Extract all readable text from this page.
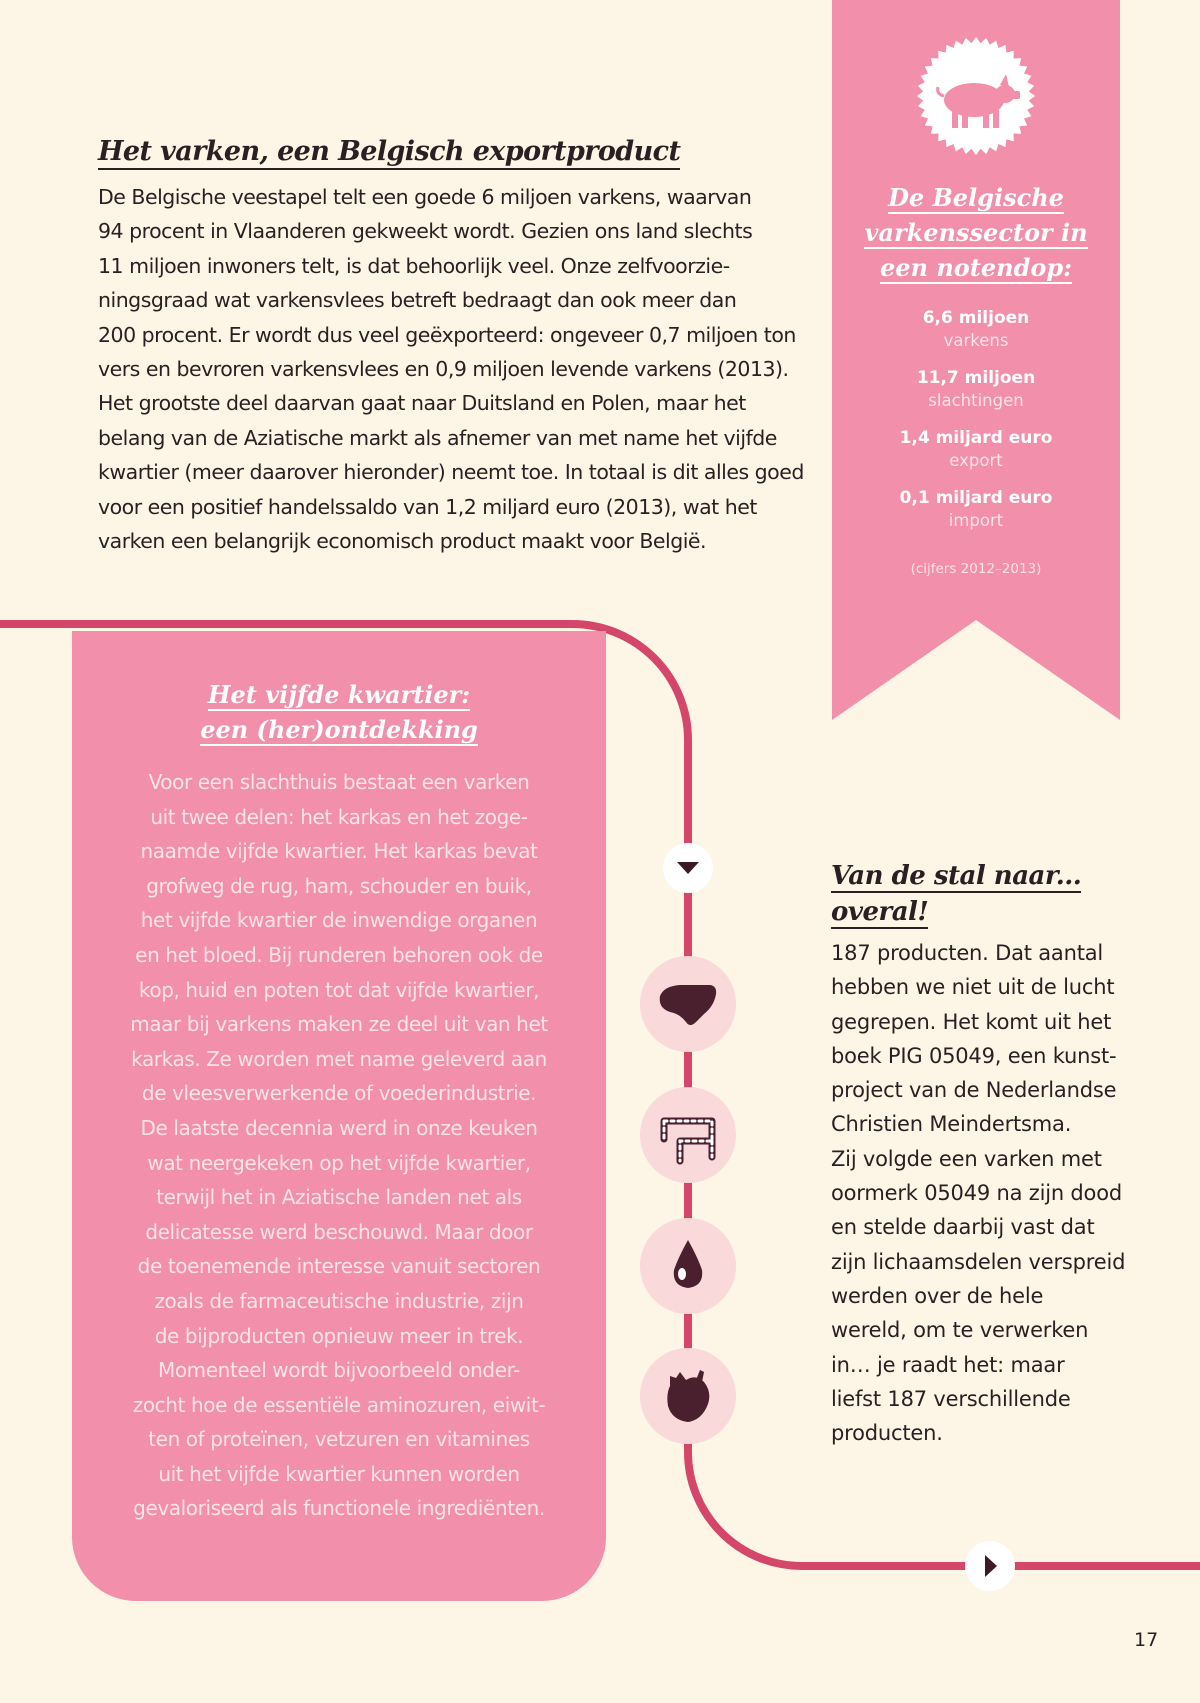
De Belgische
varkenssector in
een notendop:
6,6 miljoen
varkens
11,7 miljoen
slachtingen
1,4 miljard euro
export
0,1 miljard euro
import
(cijfers 2012–2013)
Het varken, een Belgisch exportproduct
De Belgische veestapel telt een goede 6 miljoen varkens, waarvan
94 procent in Vlaanderen gekweekt wordt. Gezien ons land slechts
11 miljoen inwoners telt, is dat behoorlijk veel. Onze zelfvoorzie-
ningsgraad wat varkensvlees betreft bedraagt dan ook meer dan
200 procent. Er wordt dus veel geëxporteerd: ongeveer 0,7 miljoen ton
vers en bevroren varkensvlees en 0,9 miljoen levende varkens (2013).
Het grootste deel daarvan gaat naar Duitsland en Polen, maar het
belang van de Aziatische markt als afnemer van met name het vijfde
kwartier (meer daarover hieronder) neemt toe. In totaal is dit alles goed
voor een positief handelssaldo van 1,2 miljard euro (2013), wat het
varken een belangrijk economisch product maakt voor België.
Het vijfde kwartier:
een (her)ontdekking
Voor een slachthuis bestaat een varken
uit twee delen: het karkas en het zoge-
naamde vijfde kwartier. Het karkas bevat
grofweg de rug, ham, schouder en buik,
het vijfde kwartier de inwendige organen
en het bloed. Bij runderen behoren ook de
kop, huid en poten tot dat vijfde kwartier,
maar bij varkens maken ze deel uit van het
karkas. Ze worden met name geleverd aan
de vleesverwerkende of voederindustrie.
De laatste decennia werd in onze keuken
wat neergekeken op het vijfde kwartier,
terwijl het in Aziatische landen net als
delicatesse werd beschouwd. Maar door
de toenemende interesse vanuit sectoren
zoals de farmaceutische industrie, zijn
de bijproducten opnieuw meer in trek.
Momenteel wordt bijvoorbeeld onder-
zocht hoe de essentiële aminozuren, eiwit-
ten of proteïnen, vetzuren en vitamines
uit het vijfde kwartier kunnen worden
gevaloriseerd als functionele ingrediënten.
Van de stal naar...
overal!
187 producten. Dat aantal
hebben we niet uit de lucht
gegrepen. Het komt uit het
boek PIG 05049, een kunst-
project van de Nederlandse
Christien Meindertsma.
Zij volgde een varken met
oormerk 05049 na zijn dood
en stelde daarbij vast dat
zijn lichaamsdelen verspreid
werden over de hele
wereld, om te verwerken
in… je raadt het: maar
liefst 187 verschillende
producten.
17
